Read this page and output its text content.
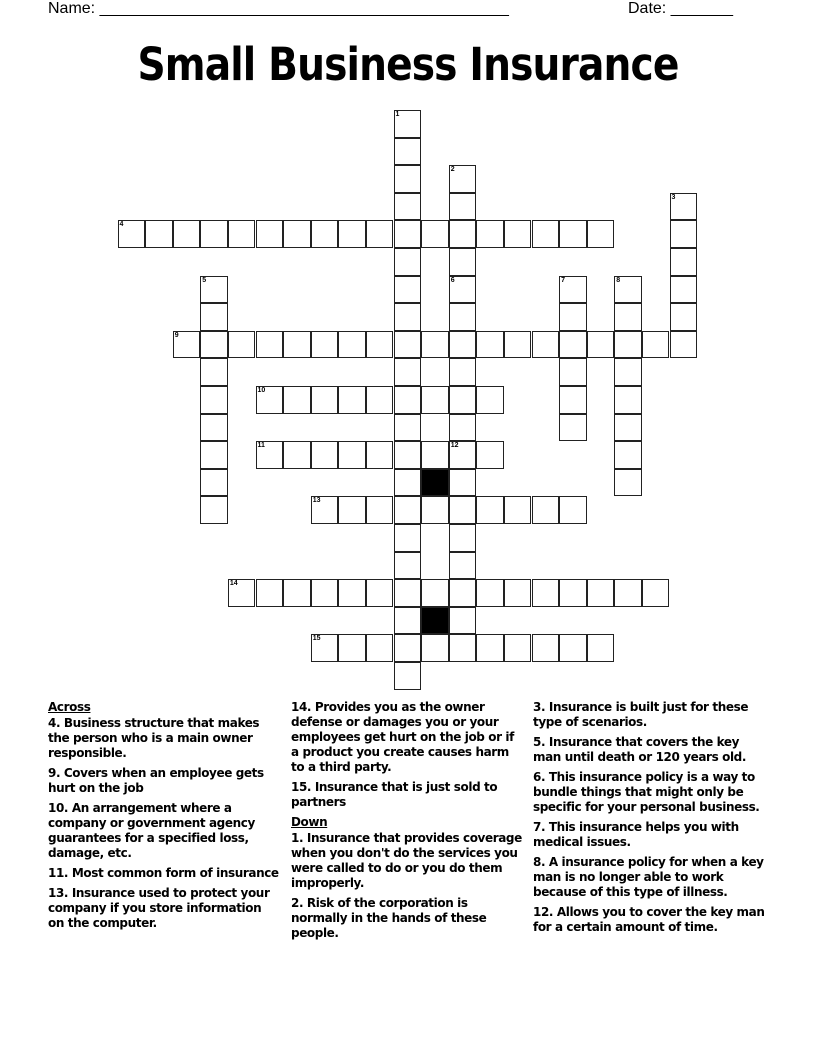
Name: ______________________________________________	Date: _______
Small Business Insurance
4
9
10
11	12
13
14
15
1
2
6
3
5	7	8
Across
4. Business structure that makes the person who is a main owner responsible.
9. Covers when an employee gets hurt on the job
10. An arrangement where a company or government agency guarantees for a specified loss, damage, etc.
11. Most common form of insurance
13. Insurance used to protect your company if you store information on the computer.
14. Provides you as the owner defense or damages you or your employees get hurt on the job or if a product you create causes harm to a third party.
15. Insurance that is just sold to partners
Down
1. Insurance that provides coverage when you don't do the services you were called to do or you do them improperly.
2. Risk of the corporation is normally in the hands of these people.
3. Insurance is built just for these type of scenarios.
5. Insurance that covers the key man until death or 120 years old.
6. This insurance policy is a way to bundle things that might only be specific for your personal business.
7. This insurance helps you with medical issues.
8. A insurance policy for when a key man is no longer able to work because of this type of illness.
12. Allows you to cover the key man for a certain amount of time.
